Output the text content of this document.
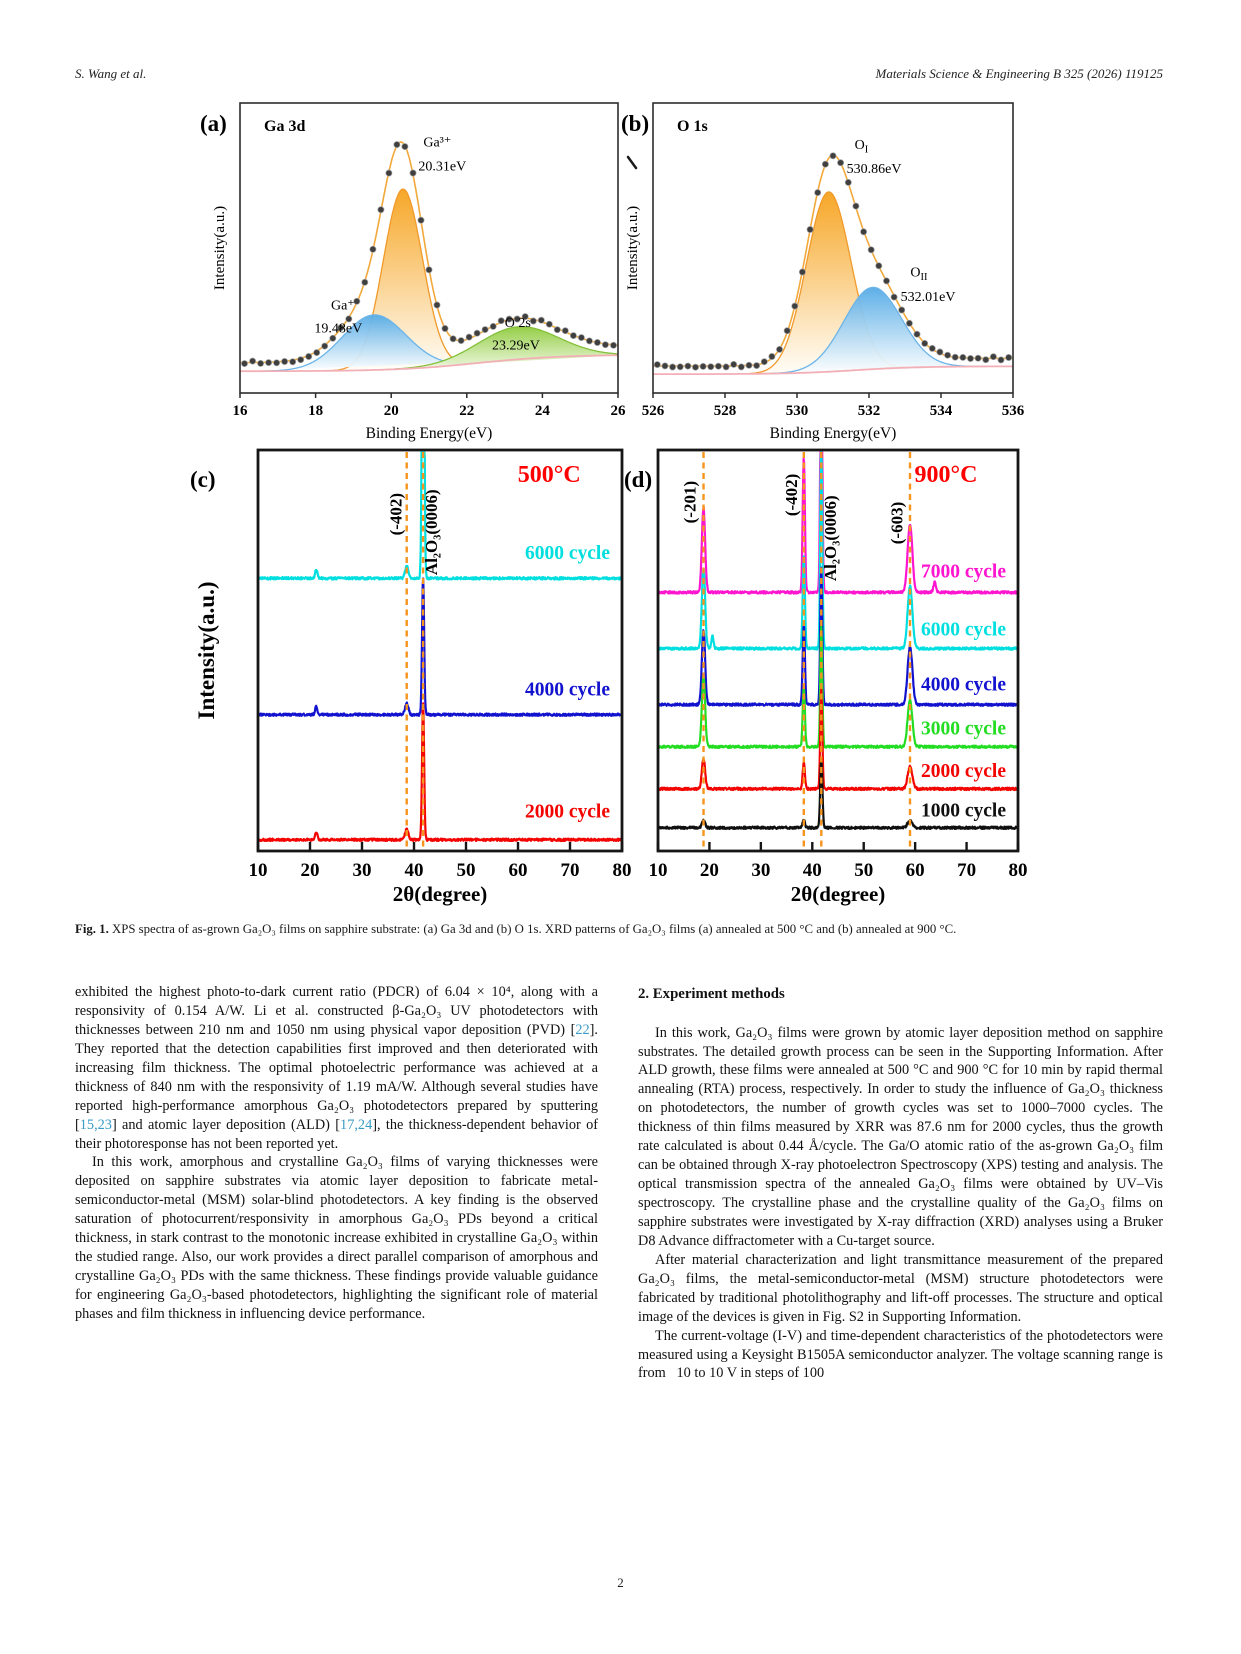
S. Wang et al.	Materials Science & Engineering B 325 (2026) 119125
16	18	20	22	24	26
Binding Energy(eV)
Intensity(a.u.)
Ga 3d
(a)
Ga³⁺
20.31eV
Ga⁺
19.48eV	O 2s
23.29eV
526	528	530	532	534	536
Binding Energy(eV)
Intensity(a.u.)
O 1s
(b)
$O_I$
530.86eV
$O_{II}$
532.01eV
10 20 30 40 50 60 70 80
2θ(degree)
Intensity(a.u.)
(-402) Al₂O₃(0006)	6000 cycle
4000 cycle
2000 cycle
500°C
(c)
10 20 30 40 50 60 70 80
2θ(degree)
(-201)	(-402)
Al₂O₃(0006)	(-603)
7000 cycle
6000 cycle
4000 cycle
3000 cycle
2000 cycle
1000 cycle
900°C
(d)

Fig. 1. XPS spectra of as-grown Ga₂O₃ films on sapphire substrate: (a) Ga 3d and (b) O 1s. XRD patterns of Ga₂O₃ films (a) annealed at 500 °C and (b) annealed at 900 °C.

exhibited the highest photo-to-dark current ratio (PDCR) of 6.04 × 10⁴, along with a responsivity of 0.154 A/W. Li et al. constructed β-Ga₂O₃ UV photodetectors with thicknesses between 210 nm and 1050 nm using physical vapor deposition (PVD) [22]. They reported that the detection capabilities first improved and then deteriorated with increasing film thickness. The optimal photoelectric performance was achieved at a thickness of 840 nm with the responsivity of 1.19 mA/W. Although several studies have reported high-performance amorphous Ga₂O₃ photodetectors prepared by sputtering [15,23] and atomic layer deposition (ALD) [17,24], the thickness-dependent behavior of their photoresponse has not been reported yet.

In this work, amorphous and crystalline Ga₂O₃ films of varying thicknesses were deposited on sapphire substrates via atomic layer deposition to fabricate metal-semiconductor-metal (MSM) solar-blind photodetectors. A key finding is the observed saturation of photocurrent/responsivity in amorphous Ga₂O₃ PDs beyond a critical thickness, in stark contrast to the monotonic increase exhibited in crystalline Ga₂O₃ within the studied range. Also, our work provides a direct parallel comparison of amorphous and crystalline Ga₂O₃ PDs with the same thickness. These findings provide valuable guidance for engineering Ga₂O₃-based photodetectors, highlighting the significant role of material phases and film thickness in influencing device performance.

2. Experiment methods

In this work, Ga₂O₃ films were grown by atomic layer deposition method on sapphire substrates. The detailed growth process can be seen in the Supporting Information. After ALD growth, these films were annealed at 500 °C and 900 °C for 10 min by rapid thermal annealing (RTA) process, respectively. In order to study the influence of Ga₂O₃ thickness on photodetectors, the number of growth cycles was set to 1000–7000 cycles. The thickness of thin films measured by XRR was 87.6 nm for 2000 cycles, thus the growth rate calculated is about 0.44 Å/cycle. The Ga/O atomic ratio of the as-grown Ga₂O₃ film can be obtained through X-ray photoelectron Spectroscopy (XPS) testing and analysis. The optical transmission spectra of the annealed Ga₂O₃ films were obtained by UV–Vis spectroscopy. The crystalline phase and the crystalline quality of the Ga₂O₃ films on sapphire substrates were investigated by X-ray diffraction (XRD) analyses using a Bruker D8 Advance diffractometer with a Cu-target source.

After material characterization and light transmittance measurement of the prepared Ga₂O₃ films, the metal-semiconductor-metal (MSM) structure photodetectors were fabricated by traditional photolithography and lift-off processes. The structure and optical image of the devices is given in Fig. S2 in Supporting Information.

The current-voltage (I-V) and time-dependent characteristics of the photodetectors were measured using a Keysight B1505A semiconductor analyzer. The voltage scanning range is from   10 to 10 V in steps of 100

2
